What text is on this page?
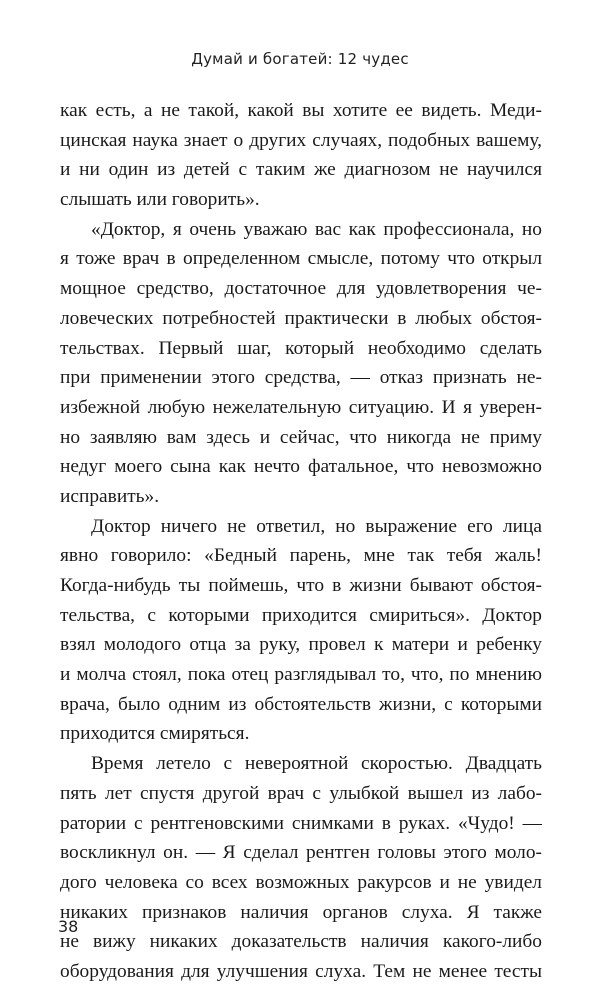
Думай и богатей: 12 чудес
как есть, а не такой, какой вы хотите ее видеть. Меди-
цинская наука знает о других случаях, подобных вашему,
и ни один из детей с таким же диагнозом не научился
слышать или говорить».
«Доктор, я очень уважаю вас как профессионала, но
я тоже врач в определенном смысле, потому что открыл
мощное средство, достаточное для удовлетворения че-
ловеческих потребностей практически в любых обстоя-
тельствах. Первый шаг, который необходимо сделать
при применении этого средства, — отказ признать не-
избежной любую нежелательную ситуацию. И я уверен-
но заявляю вам здесь и сейчас, что никогда не приму
недуг моего сына как нечто фатальное, что невозможно
исправить».
Доктор ничего не ответил, но выражение его лица
явно говорило: «Бедный парень, мне так тебя жаль!
Когда-нибудь ты поймешь, что в жизни бывают обстоя-
тельства, с которыми приходится смириться». Доктор
взял молодого отца за руку, провел к матери и ребенку
и молча стоял, пока отец разглядывал то, что, по мнению
врача, было одним из обстоятельств жизни, с которыми
приходится смиряться.
Время летело с невероятной скоростью. Двадцать
пять лет спустя другой врач с улыбкой вышел из лабо-
ратории с рентгеновскими снимками в руках. «Чудо! —
воскликнул он. — Я сделал рентген головы этого моло-
дого человека со всех возможных ракурсов и не увидел
никаких признаков наличия органов слуха. Я также
не вижу никаких доказательств наличия какого-либо
оборудования для улучшения слуха. Тем не менее тесты
38
